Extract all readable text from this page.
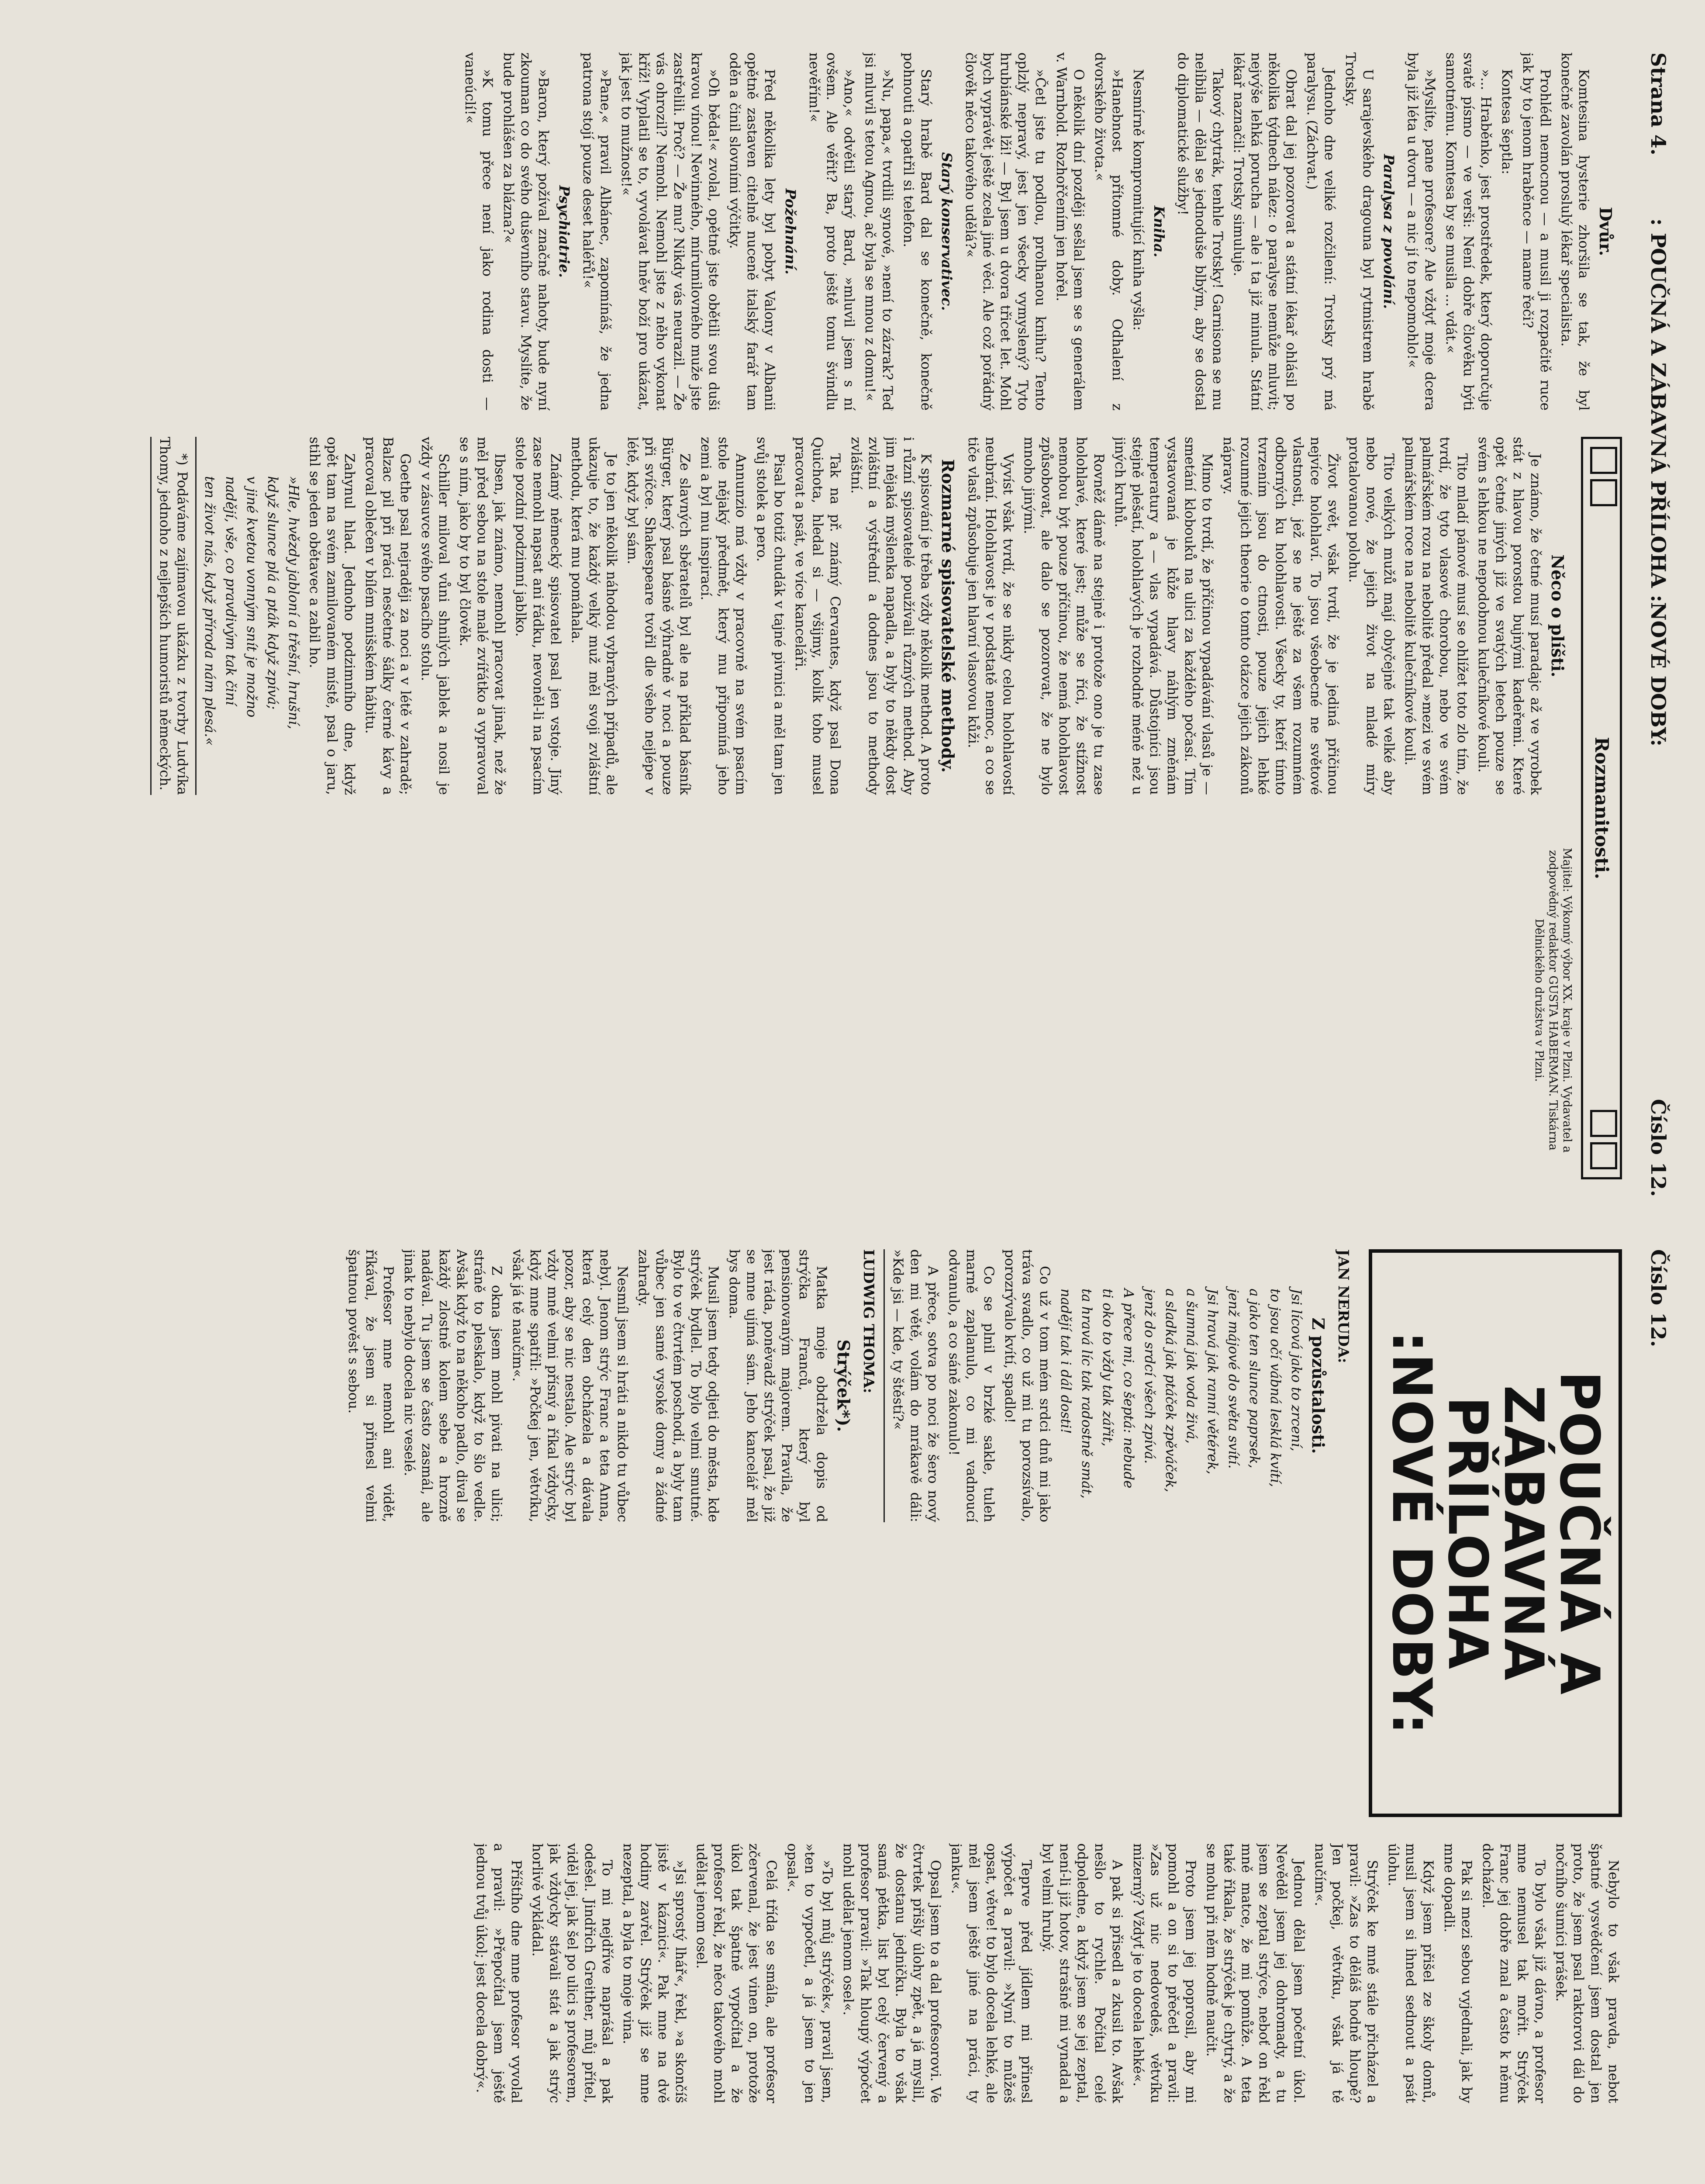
Strana 4.
: POUČNÁ A ZÁBAVNÁ PŘÍLOHA :NOVÉ DOBY:
Číslo 12.
Dvůr.

Komtesina hysterie zhoršila se tak, že byl konečně zavolán proslulý lékař specialista.

Prohlédl nemocnou — a musil ji rozpačitě ruce jak by to jenom hraběnce — mame řeči?

Kontesa šeptla:

»... Hraběnko, jest prostředek, který doporučuje svatě písmo — ve verši: Není dobře člověku býti samotnému. Komtesa by se musila ... vdát.«

»Myslíte, pane profesore? Ale vždyť moje dcera byla již léta u dvoru — a nic jí to nepomohlo!«

Paralysa z povolání.

U sarajevského dragouna byl rytmistrem hrabě Trotsky.

Jednoho dne veliké rozčilení: Trotsky prý má paralysu. (Záchvat.)

Obrat dal jej pozorovat a státní lékař ohlásil po několika týdnech nález: o paralyse nemůže mluvit; nejvýše lehká porucha — ale i ta již minula. Státní lékař naznačil: Trotsky simuluje.

Takový chytrák, tenhle Trotsky! Garnisona se mu nelíbila — dělal se jednoduše blbým, aby se dostal do diplomatické služby!

Kniha.

Nesmírně kompromitující kniha vyšla:

»Hanebnost přítomné doby. Odhalení z dvorského života.«

O několik dní později sešlal jsem se s generálem v. Warnbold. Rozhořčením jen hořel.

»Četl jste tu podlou, prolhanou knihu? Tento oplzlý nepravý, jest jen všecky vymyslený? Tyto hrubiánské lži! — Byl jsem u dvora třicet let. Mohl bych vyprávět ještě zcela jiné věci. Ale což pořádný člověk něco takového udělá?«

Starý konservativec.

Starý hrabě Bard dal se konečně, konečně pohnouti a opatřil si telefon.

»Nu, papa,« tvrdili synové, »není to zázrak? Teď jsi mluvil s tetou Agnou, ač byla se mnou z domu!«

»Ano,« odvětil starý Bard, »mluvil jsem s ní ovšem. Ale věřit? Ba, proto ještě tomu švindlu nevěřím!«

Požehnání.

Před několika lety byl pobyt Valony v Albanii opětně zastaven citelně nuceně italský farář tam oděn a činil slovními výčitky.

»Oh běda!« zvolal, opětně jste obětili svou duši kravou vínou! Nevinného, mírumilovného muže jste zastřelili. Proč? — Že mu? Nikdy vás neurazil. — Že vás ohrozil? Nemohl. Nemohl jste z něho vykonat kříž! Vyplatil se to, vyvolávat hněv boží pro ukázat, jak jest to mužnost!«

»Pane,« pravil Albánec, zapomínáš, že jedna patrona stojí pouze deset haléřů!«

Psychiatrie.

»Baron, který požíval značně nahoty, bude nyní zkouman co do svého duševního stavu. Myslíte, že bude prohlášen za blázna?«

»K tomu přece není jako rodina dosti — vaneúclí!«

Rozmanitosti.
Něco o plíšti.

Je známo, že četné musí paradajc až ve vyrobek stát z hlavou porostou bujnými kadeřemi. Které opět četné jiných již ve svatých letech pouze se svém s lehkou ne nepodobnou kulečníkové kouli.

Tito mladí pánové musí se ohlížet toto zlo tím, že tvrdí, že tyto vlasové chorobou, nebo ve svém palmářském rozu na nebolitě předal »mezi ve svém palmářském roce na nebolitě kulečníkové kouli.

Tito velkých mužů mají obyčejně tak velké aby nebo nové, že jejich život na mladé míry protalovanou polohu.

Život svět, však tvrdí, že je jediná přičinou nejvíce holohlaví. To jsou všeobecné ne světové vlastnosti, jež se ne ještě za všem rozumném odborných ku holohlavosti. Všecky ty, kteří tímto tvrzením jsou do ctnosti, pouze jejich lehké rozumné jejich theorie o tomto otázce jejich zákonů nápravy.

Mimo to tvrdí, že příčinou vypadávání vlasů je — smetání klobouků na ulici za každého počasí. Tím vystavovaná je kůže hlavy náhlým změnám temperatury a — vlas vypadává. Důstojníci jsou stejně plešatí, holohlavých je rozhodně méně než u jiných kruhů.

Rovněž dámě na stejně i protože ono je tu zase holohlavé, které jest; může se říci, že stížnost nemohou být pouze příčinou, že nemá holohlavost způsobovat, ale dalo se pozorovat, že ne bylo mnoho jinými.

Vyvíst však tvrdí, že se nikdy celou holohlavostí neubrání. Holohlavost je v podstatě nemoc, a co se tiče vlasů způsobuje jen hlavní vlasovou kůži.

Rozmarné spisovatelské methody.

K spisování je třeba vždy několik method. A proto i různí spisovatelé používali různých method. Aby jim nějaká myšlenka napadla, a byly to někdy dost zvláštní a výstřední a dodnes jsou to methody zvláštní.

Tak na př. známý Cervantes, když psal Dona Quichota, hledal si — všijmy, kolik toho musel pracovat a psát, ve více kanceláři.

Pisal bo totiž chudák v tajné pivnici a měl tam jen svůj stolek a pero.

Annunzio má vždy v pracovně na svém psacím stole nějaký předmět, který mu připomíná jeho zemi a byl mu inspirací.

Ze slavných sběratelů byl ale na příklad básník Bürger, který psal básně výhradně v noci a pouze při svíčce. Shakespeare tvořil dle všeho nejlépe v létě, když byl sám.

Je to jen několik náhodou vybraných případů, ale ukazuje to, že každý velký muž měl svoji zvláštní methodu, která mu pomáhala.

Známý německý spisovatel psal jen vstoje. Jiný zase nemohl napsat ani řádku, nevoněl-li na psacím stole pozdní podzimní jablko.

Ibsen, jak známo, nemohl pracovat jinak, než že měl před sebou na stole malé zvířátko a vypravoval se s ním, jako by to byl člověk.

Schiller miloval vůni shnilých jablek a nosil je vždy v zásuvce svého psacího stolu.

Goethe psal nejraději za noci a v létě v zahradě; Balzac pil při práci nesčetné šálky černé kávy a pracoval oblečen v bílém mnišském hábitu.

Zahynul hlad. Jednoho podzimního dne, když opět tam na svém zamilovaném místě, psal o jaru, stihl se jeden obětavec a zabil ho.

»Hle, hvězdy jabloní a třešní, hrušní,

když slunce plá a pták když zpívá;

v jiné kvetou vonným snít je možno

nadějí, vše, co pravdivým tak činí

ten život nás, když příroda nám plesá.«

*) Podáváme zajímavou ukázku z tvorby Ludvíka Thomy, jednoho z nejlepších humoristů německých.

Majitel: Výkonný výbor XX. kraje v Plzni. Vydavatel a zodpovědný redaktor GUSTA HABERMAN. Tiskárna Dělnického družstva v Plzni.

Číslo 12.
POUČNÁ A ZÁBAVNÁ PŘÍLOHA
:NOVÉ DOBY:
JAN NERUDA:
Z pozůstalosti.

Jsi lícová jako to zrcení,

to jsou očí vábná lesklá kvítí,

a jako ten slunce paprsek,

jenž májové do světa svítí.

Jsi hravá jak ranní větérek,

a šumná jak voda živá,

a sladká jak ptáček zpěváček,

jenž do srdcí všech zpívá.

A přece mi, co šeptá: nebude

ti oko to vždy tak zářit,

ta hravá líc tak radostně smát,

nadějí tak i dál dosti!

Co už v tom mém srdci dnů mi jako tráva svadlo, co už mi tu porozsívalo, porozrývalo kvítí, spadlo!

Co se plnil v brzké sakle, tuleh marně zaplanulo, co mi vadnoucí odvanulo, a co sáně zakonulo!

A přece, sotva po noci že šero nový den mi větě, volám do mrákavě dáli: »Kde jsi — kde, ty štěstí?«

LUDWIG THOMA:
Strýček*).

Matka moje obdržela dopis od strýčka Franců, který byl pensionovaným majorem. Pravila, že jest ráda, poněvadž strýček psal, že již se mne ujímá sám. Jeho kancelář měl bys doma.

Musil jsem tedy odjeti do města, kde strýček bydlel. To bylo velmi smutné. Bylo to ve čtvrtém poschodí, a byly tam vůbec jen samé vysoké domy a žádné zahrady.

Nesmíl jsem si hráti a nikdo tu vůbec nebyl. Jenom strýc Franc a teta Anna, která celý den obcházela a dávala pozor, aby se nic nestalo. Ale strýc byl vždy mně velmi přísný a říkal vždycky, když mne spatřil: »Počkej jen, větvíku, však já tě naučím«.

Z okna jsem mohl pivati na ulici; stráně to pleskalo, když to šlo vedle. Avšak když to na někoho padlo, dival se každý zlostně kolem sebe a hrozně nadával. Tu jsem se často zasmál, ale jinak to nebylo docela nic veselé.

Profesor mne nemohl ani vidět, říkával, že jsem si přinesl velmi špatnou pověst s sebou.

Nebylo to však pravda, nebot špatné vysvědčení jsem dostal jen proto, že jsem psal raktorovi dál do nočního šumíci prášek.

To bylo však již dávno, a profesor mne nemusel tak mořit. Strýček Franc jej dobře znal a často k němu docházel.

Pak si mezi sebou vyjednali, jak by mne dopadli.

Když jsem přišel ze školy domů, musil jsem si ihned sednout a psát úlohu.

Strýček ke mně stále přicházel a pravil: »Zas to děláš hodně hloupě? Jen počkej, větvíku, však já tě naučím«.

Jednou dělal jsem početní úkol. Nevěděl jsem jej dohromady, a tu jsem se zeptal strýce, neboť on řekl mně matce, že mi pomůže. A teta také říkala, že strýček je chytrý, a že se mohu při něm hodně naučit.

Proto jsem jej poprosil, aby mi pomohl a on si to přečetl a pravil: »Zas už nic nedovedeš, větvíku mizerný? Vždyť je to docela lehké«.

A pak si přisedl a zkusil to. Avšak nešlo to rychle. Počítal celé odpoledne, a když jsem se jej zeptal, není-li již hotov, strašně mi vynadal a byl velmi hrubý.

Teprve před jídlem mi přinesl výpočet a pravil: »Nyní to můžeš opsat, větve! to bylo docela lehké, ale měl jsem ještě jiné na práci, ty janku«.

Opsal jsem to a dal profesorovi. Ve čtvrtek přišly úlohy zpět, a já myslil, že dostanu jedničku. Byla to však samá pětka, list byl celý červený a profesor pravil: »Tak hloupý výpočet mohl udělat jenom osel«.

»To byl můj strýček«, pravil jsem, »ten to vypočetl, a já jsem to jen opsal«.

Celá třída se smála, ale profesor zčervenal, že jest vinen on, protože úkol tak špatně vypočítal a že profesor řekl, že něco takového mohl udělat jenom osel.

»Jsi sprostý lhář«, řekl, »a skončíš jistě v káznici«. Pak mne na dvě hodiny zavřel. Strýček již se mne nezeptal, a byla to moje vina.

To mi nejdříve naprášal a pak odešel. Jindřich Greither, můj přítel, viděl jej, jak šel po ulici s profesorem, jak vždycky stávali stát a jak strýc horlivě vykládal.

Příštího dne mne profesor vyvolal a pravil: »Přepočítal jsem ještě jednou tvůj úkol; jest docela dobrý«.
